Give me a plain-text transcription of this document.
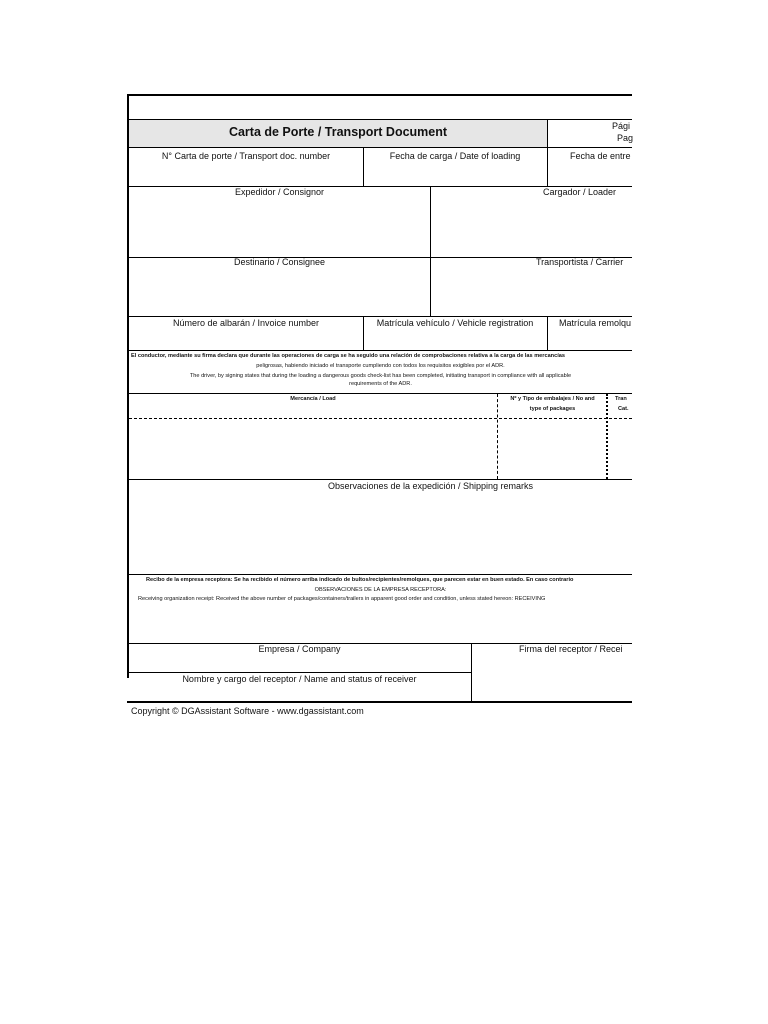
Carta de Porte / Transport Document	Pági
Pag
N° Carta de porte / Transport doc. number	Fecha de carga / Date of loading	Fecha de entre
Expedidor / Consignor	Cargador / Loader
Destinario / Consignee	Transportista / Carrier
Número de albarán / Invoice number	Matrícula vehículo / Vehicle registration	Matrícula remolqu
El conductor, mediante su firma declara que durante las operaciones de carga se ha seguido una relación de comprobaciones relativa a la carga de las mercancías
peligrosas, habiendo iniciado el transporte cumpliendo con todos los requisitos exigibles por el ADR.
The driver, by signing states that during the loading a dangerous goods check-list has been completed, initiating transport in compliance with all applicable
requirements of the ADR.
Mercancía / Load	Nº y Tipo de embalajes / No and
type of packages
Tran
Cat.
Observaciones de la expedición / Shipping remarks
Recibo de la empresa receptora: Se ha recibido el número arriba indicado de bultos/recipientes/remolques, que parecen estar en buen estado. En caso contrario
OBSERVACIONES DE LA EMPRESA RECEPTORA:
Receiving organization receipt: Received the above number of packages/containers/trailers in apparent good order and condition, unless stated hereon: RECEIVING
Empresa / Company	Firma del receptor / Recei
Nombre y cargo del receptor / Name and status of receiver
Copyright © DGAssistant Software - www.dgassistant.com
